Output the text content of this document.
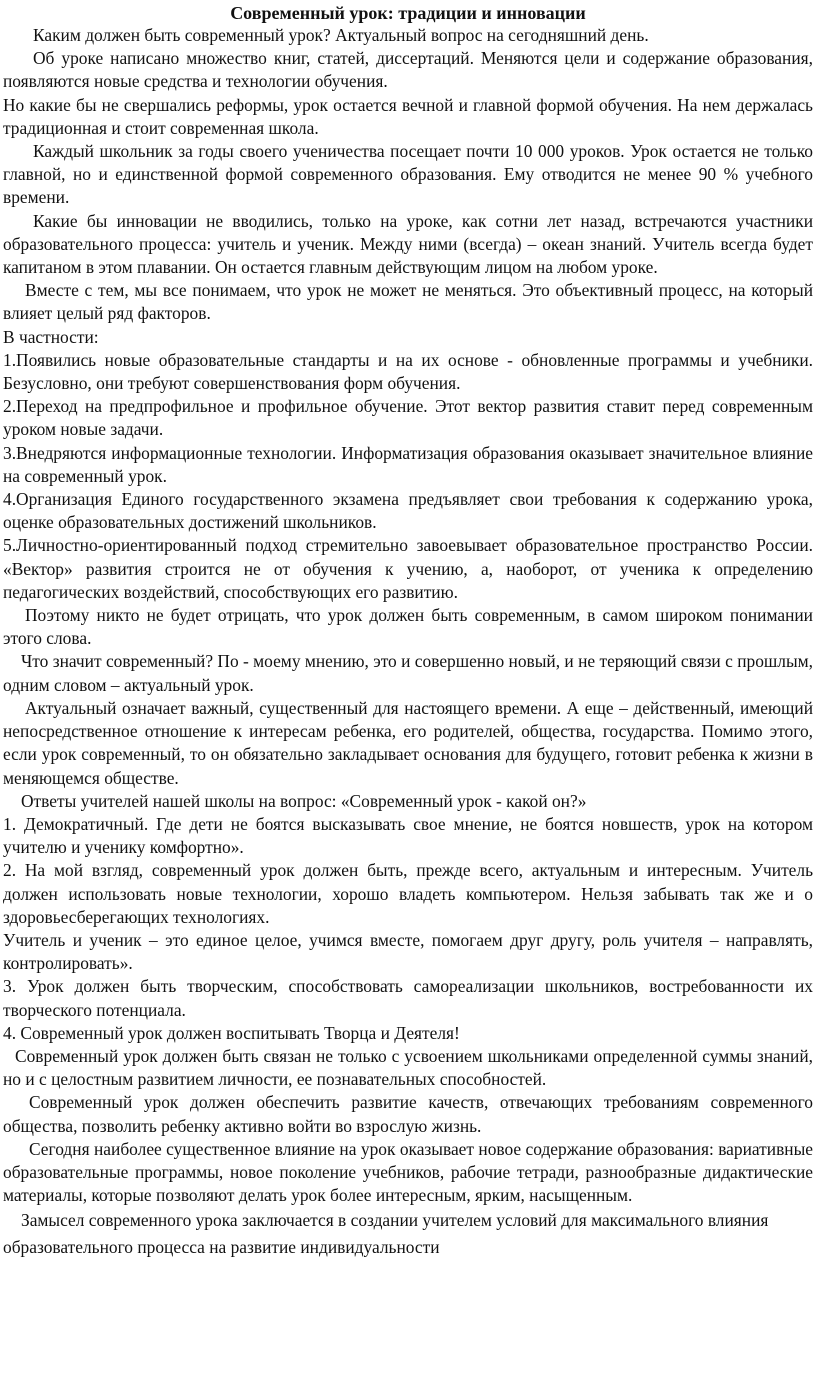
Современный урок: традиции и инновации

Каким должен быть современный урок? Актуальный вопрос на сегодняшний день.

Об уроке написано множество книг, статей, диссертаций. Меняются цели и содержание образования, появляются новые средства и технологии обучения.

Но какие бы не свершались реформы, урок остается вечной и главной формой обучения. На нем держалась традиционная и стоит современная школа.

Каждый школьник за годы своего ученичества посещает почти 10 000 уроков. Урок остается не только главной, но и единственной формой современного образования. Ему отводится не менее 90 % учебного времени.

Какие бы инновации не вводились, только на уроке, как сотни лет назад, встречаются участники образовательного процесса: учитель и ученик. Между ними (всегда) – океан знаний. Учитель всегда будет капитаном в этом плавании. Он остается главным действующим лицом на любом уроке.

Вместе с тем, мы все понимаем, что урок не может не меняться. Это объективный процесс, на который влияет целый ряд факторов.

В частности:

1.Появились новые образовательные стандарты и на их основе - обновленные программы и учебники. Безусловно, они требуют совершенствования форм обучения.

2.Переход на предпрофильное и профильное обучение. Этот вектор развития ставит перед современным уроком новые задачи.

3.Внедряются информационные технологии. Информатизация образования оказывает значительное влияние на современный урок.

4.Организация Единого государственного экзамена предъявляет свои требования к содержанию урока, оценке образовательных достижений школьников.

5.Личностно-ориентированный подход стремительно завоевывает образовательное пространство России. «Вектор» развития строится не от обучения к учению, а, наоборот, от ученика к определению педагогических воздействий, способствующих его развитию.

Поэтому никто не будет отрицать, что урок должен быть современным, в самом широком понимании этого слова.

Что значит современный? По - моему мнению, это и совершенно новый, и не теряющий связи с прошлым, одним словом – актуальный урок.

Актуальный означает важный, существенный для настоящего времени. А еще – действенный, имеющий непосредственное отношение к интересам ребенка, его родителей, общества, государства. Помимо этого, если урок современный, то он обязательно закладывает основания для будущего, готовит ребенка к жизни в меняющемся обществе.

Ответы учителей нашей школы на вопрос: «Современный урок - какой он?»

1. Демократичный. Где дети не боятся высказывать свое мнение, не боятся новшеств, урок на котором учителю и ученику комфортно».

2. На мой взгляд, современный урок должен быть, прежде всего, актуальным и интересным. Учитель должен использовать новые технологии, хорошо владеть компьютером. Нельзя забывать так же и о здоровьесберегающих технологиях.

Учитель и ученик – это единое целое, учимся вместе, помогаем друг другу, роль учителя – направлять, контролировать».

3. Урок должен быть творческим, способствовать самореализации школьников, востребованности их творческого потенциала.

4. Современный урок должен воспитывать Творца и Деятеля!

Современный урок должен быть связан не только с усвоением школьниками определенной суммы знаний, но и с целостным развитием личности, ее познавательных способностей.

Современный урок должен обеспечить развитие качеств, отвечающих требованиям современного общества, позволить ребенку активно войти во взрослую жизнь.

Сегодня наиболее существенное влияние на урок оказывает новое содержание образования: вариативные образовательные программы, новое поколение учебников, рабочие тетради, разнообразные дидактические материалы, которые позволяют делать урок более интересным, ярким, насыщенным.

Замысел современного урока заключается в создании учителем условий для максимального влияния образовательного процесса на развитие индивидуальности
